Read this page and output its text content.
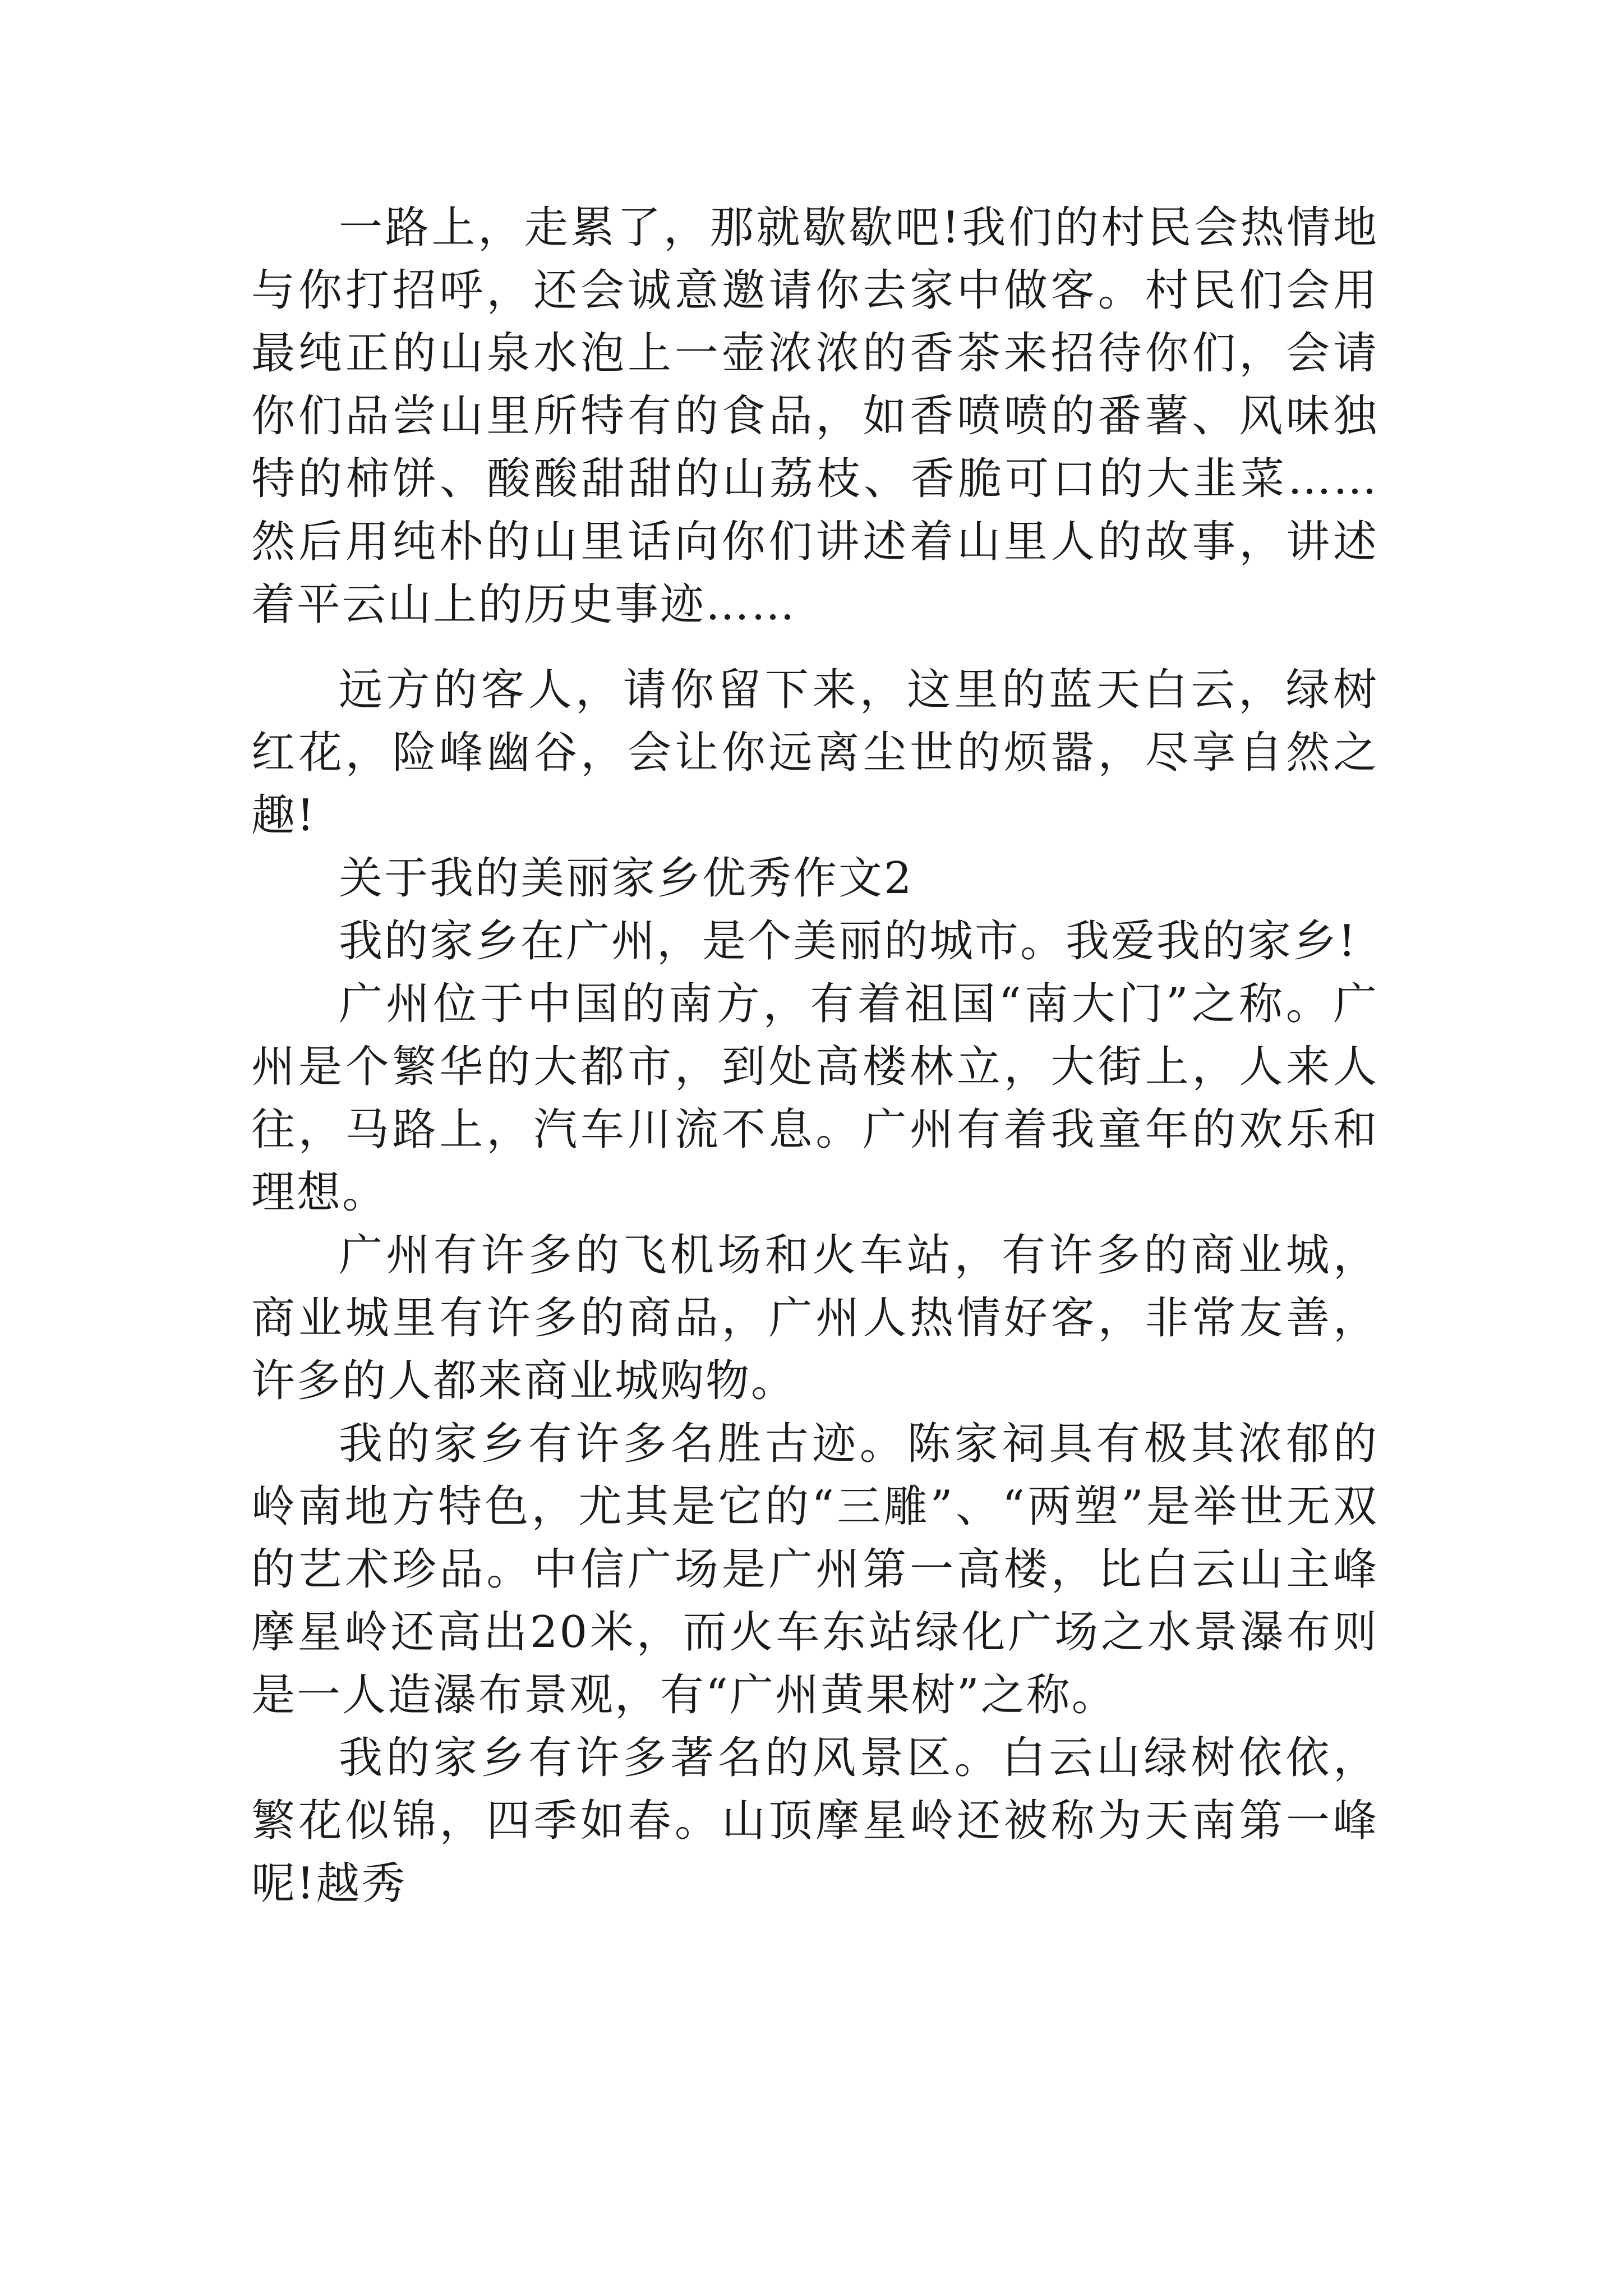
一路上，走累了，那就歇歇吧!我们的村民会热情地与你打招呼，还会诚意邀请你去家中做客。村民们会用最纯正的山泉水泡上一壶浓浓的香茶来招待你们，会请你们品尝山里所特有的食品，如香喷喷的番薯、风味独特的柿饼、酸酸甜甜的山荔枝、香脆可口的大韭菜……然后用纯朴的山里话向你们讲述着山里人的故事，讲述着平云山上的历史事迹……

远方的客人，请你留下来，这里的蓝天白云，绿树红花，险峰幽谷，会让你远离尘世的烦嚣，尽享自然之趣!

关于我的美丽家乡优秀作文2

我的家乡在广州，是个美丽的城市。我爱我的家乡!

广州位于中国的南方，有着祖国“南大门”之称。广州是个繁华的大都市，到处高楼林立，大街上，人来人往，马路上，汽车川流不息。广州有着我童年的欢乐和理想。

广州有许多的飞机场和火车站，有许多的商业城，商业城里有许多的商品，广州人热情好客，非常友善，许多的人都来商业城购物。

我的家乡有许多名胜古迹。陈家祠具有极其浓郁的岭南地方特色，尤其是它的“三雕”、“两塑”是举世无双的艺术珍品。中信广场是广州第一高楼，比白云山主峰摩星岭还高出20米，而火车东站绿化广场之水景瀑布则是一人造瀑布景观，有“广州黄果树”之称。

我的家乡有许多著名的风景区。白云山绿树依依，繁花似锦，四季如春。山顶摩星岭还被称为天南第一峰呢!越秀
